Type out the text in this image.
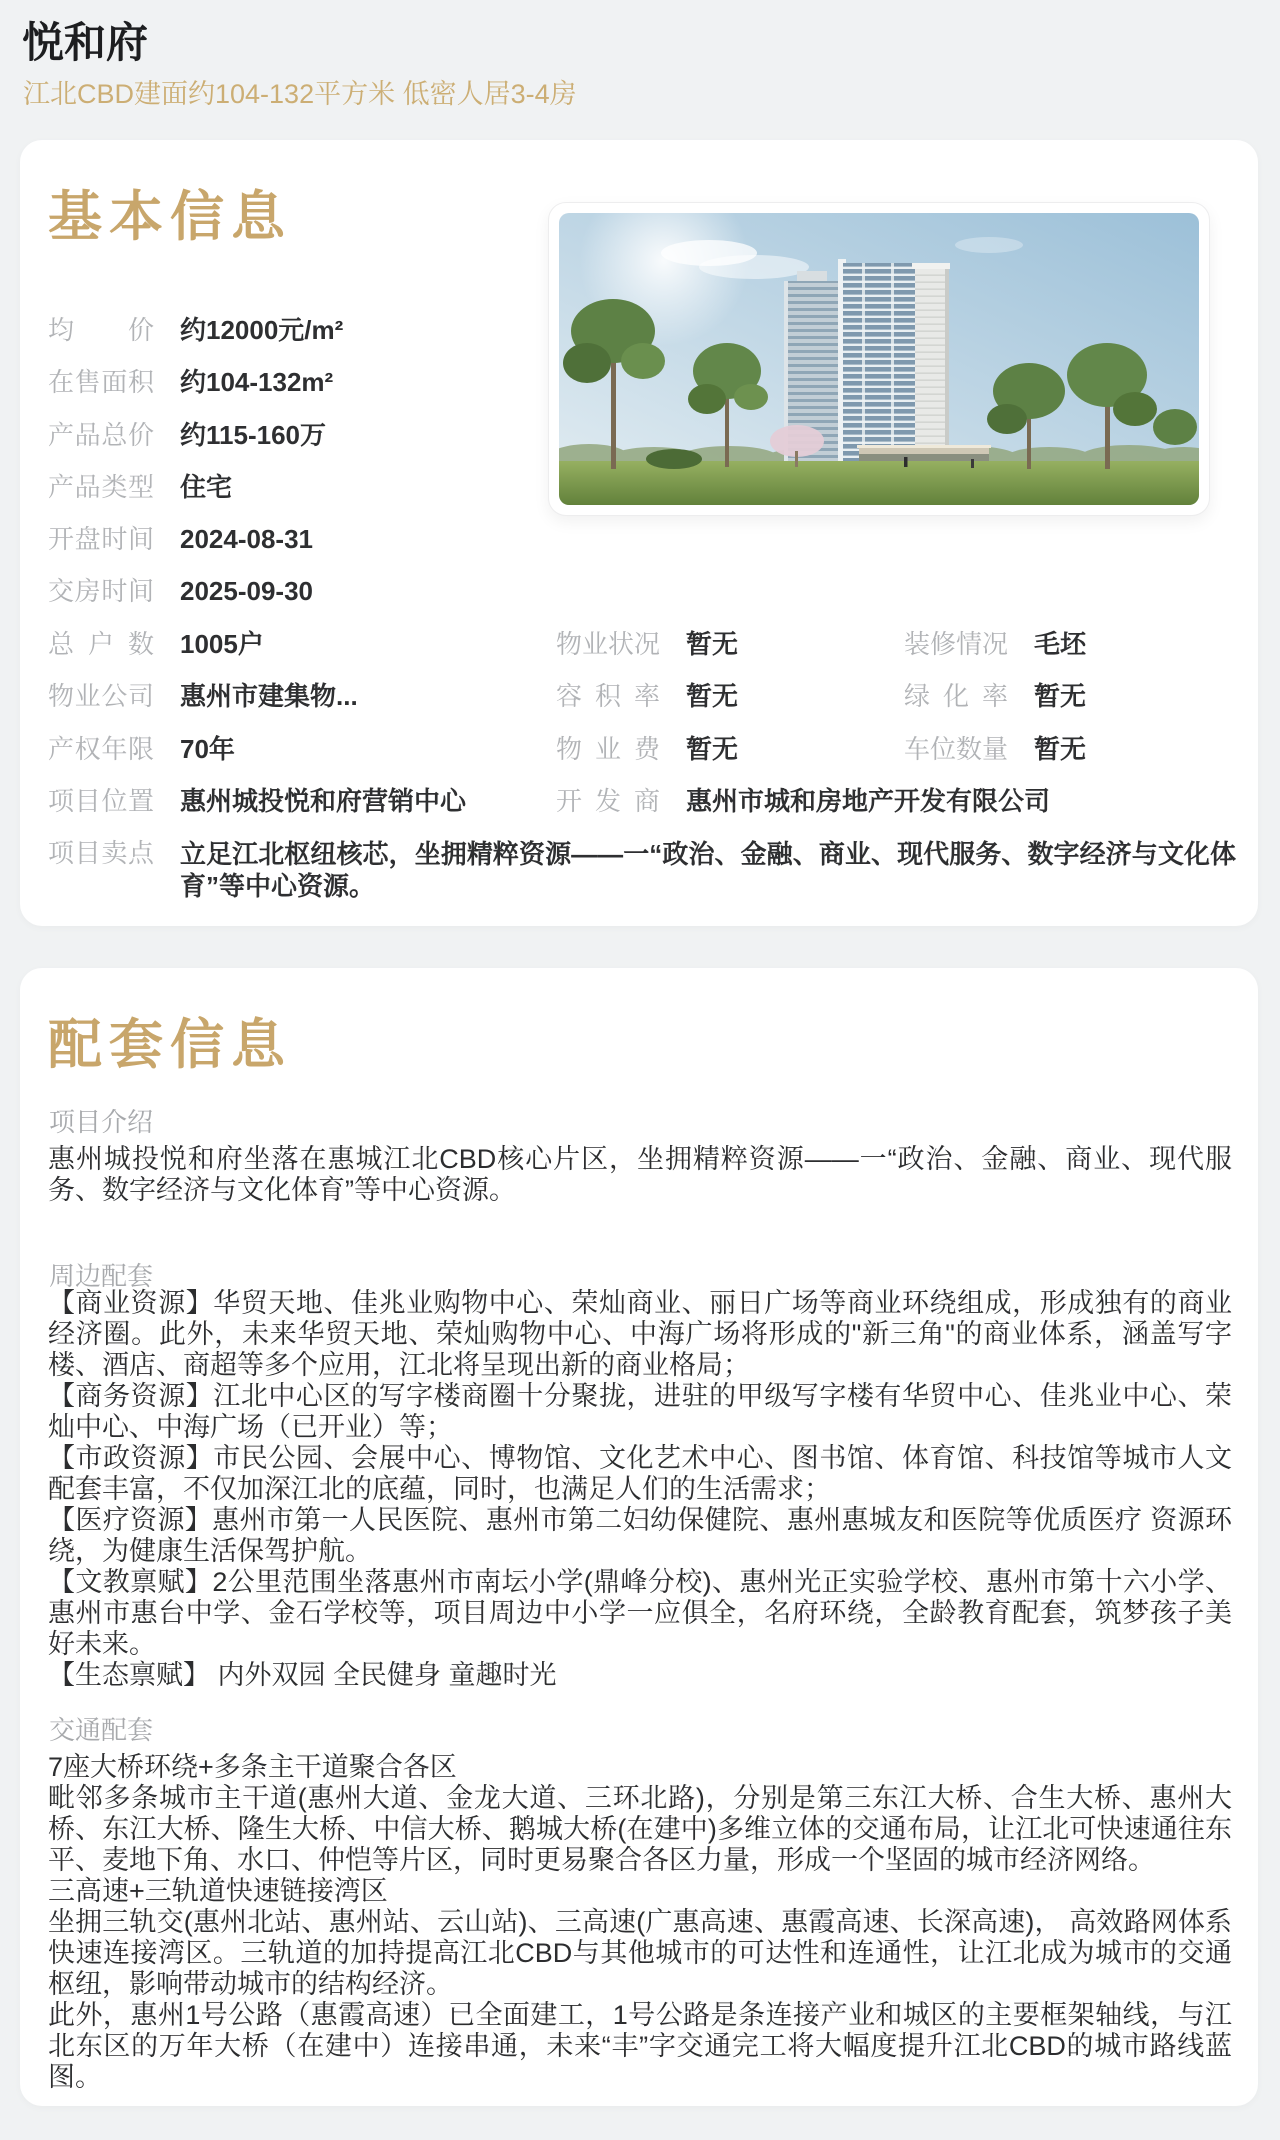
悦和府
江北CBD建面约104-132平方米 低密人居3-4房
基本信息
均价 约12000元/m²
在售面积 约104-132m²
产品总价 约115-160万
产品类型 住宅
开盘时间 2024-08-31
交房时间 2025-09-30
总户数 1005户
物业公司 惠州市建集物...
产权年限 70年
项目位置 惠州城投悦和府营销中心
项目卖点 立足江北枢纽核芯，坐拥精粹资源——一“政治、金融、商业、现代服务、数字经济与文化体育”等中心资源。
物业状况 暂无
容积率 暂无
物业费 暂无
开发商 惠州市城和房地产开发有限公司
装修情况 毛坯
绿化率 暂无
车位数量 暂无
配套信息
项目介绍

惠州城投悦和府坐落在惠城江北CBD核心片区，坐拥精粹资源——一“政治、金融、商业、现代服务、数字经济与文化体育”等中心资源。

周边配套

【商业资源】华贸天地、佳兆业购物中心、荣灿商业、丽日广场等商业环绕组成，形成独有的商业经济圈。此外，未来华贸天地、荣灿购物中心、中海广场将形成的"新三角"的商业体系，涵盖写字楼、酒店、商超等多个应用，江北将呈现出新的商业格局；

【商务资源】江北中心区的写字楼商圈十分聚拢，进驻的甲级写字楼有华贸中心、佳兆业中心、荣灿中心、中海广场（已开业）等；

【市政资源】市民公园、会展中心、博物馆、文化艺术中心、图书馆、体育馆、科技馆等城市人文配套丰富，不仅加深江北的底蕴，同时，也满足人们的生活需求；

【医疗资源】惠州市第一人民医院、惠州市第二妇幼保健院、惠州惠城友和医院等优质医疗 资源环绕，为健康生活保驾护航。

【文教禀赋】2公里范围坐落惠州市南坛小学(鼎峰分校)、惠州光正实验学校、惠州市第十六小学、惠州市惠台中学、金石学校等，项目周边中小学一应俱全，名府环绕，全龄教育配套，筑梦孩子美好未来。

【生态禀赋】 内外双园 全民健身 童趣时光

交通配套

7座大桥环绕+多条主干道聚合各区

毗邻多条城市主干道(惠州大道、金龙大道、三环北路)，分别是第三东江大桥、合生大桥、惠州大桥、东江大桥、隆生大桥、中信大桥、鹅城大桥(在建中)多维立体的交通布局，让江北可快速通往东平、麦地下角、水口、仲恺等片区，同时更易聚合各区力量，形成一个坚固的城市经济网络。

三高速+三轨道快速链接湾区

坐拥三轨交(惠州北站、惠州站、云山站)、三高速(广惠高速、惠霞高速、长深高速)， 高效路网体系快速连接湾区。三轨道的加持提高江北CBD与其他城市的可达性和连通性，让江北成为城市的交通枢纽，影响带动城市的结构经济。

此外，惠州1号公路（惠霞高速）已全面建工，1号公路是条连接产业和城区的主要框架轴线，与江北东区的万年大桥（在建中）连接串通，未来“丰”字交通完工将大幅度提升江北CBD的城市路线蓝图。
